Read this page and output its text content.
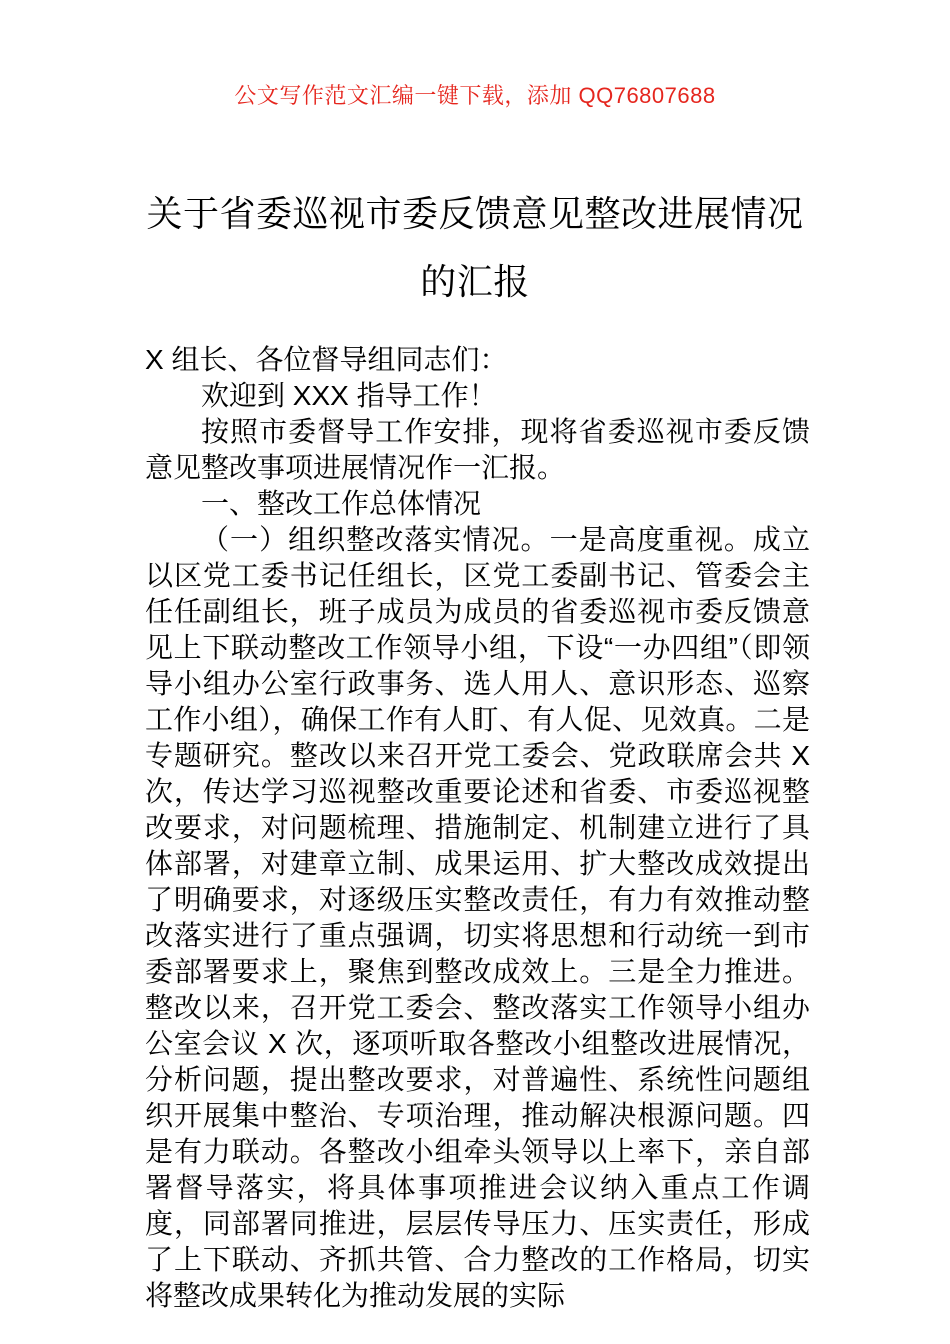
公文写作范文汇编一键下载，添加 QQ76807688
关于省委巡视市委反馈意见整改进展情况
的汇报

X 组长、各位督导组同志们：

欢迎到 XXX 指导工作！

按照市委督导工作安排，现将省委巡视市委反馈意见整改事项进展情况作一汇报。

一、整改工作总体情况

（一）组织整改落实情况。一是高度重视。成立以区党工委书记任组长，区党工委副书记、管委会主任任副组长，班子成员为成员的省委巡视市委反馈意见上下联动整改工作领导小组，下设“一办四组”（即领导小组办公室行政事务、选人用人、意识形态、巡察工作小组），确保工作有人盯、有人促、见效真。二是专题研究。整改以来召开党工委会、党政联席会共 X 次，传达学习巡视整改重要论述和省委、市委巡视整改要求，对问题梳理、措施制定、机制建立进行了具体部署，对建章立制、成果运用、扩大整改成效提出了明确要求，对逐级压实整改责任，有力有效推动整改落实进行了重点强调，切实将思想和行动统一到市委部署要求上，聚焦到整改成效上。三是全力推进。整改以来，召开党工委会、整改落实工作领导小组办公室会议 X 次，逐项听取各整改小组整改进展情况，分析问题，提出整改要求，对普遍性、系统性问题组织开展集中整治、专项治理，推动解决根源问题。四是有力联动。各整改小组牵头领导以上率下，亲自部署督导落实，将具体事项推进会议纳入重点工作调度，同部署同推进，层层传导压力、压实责任，形成了上下联动、齐抓共管、合力整改的工作格局，切实将整改成果转化为推动发展的实际
